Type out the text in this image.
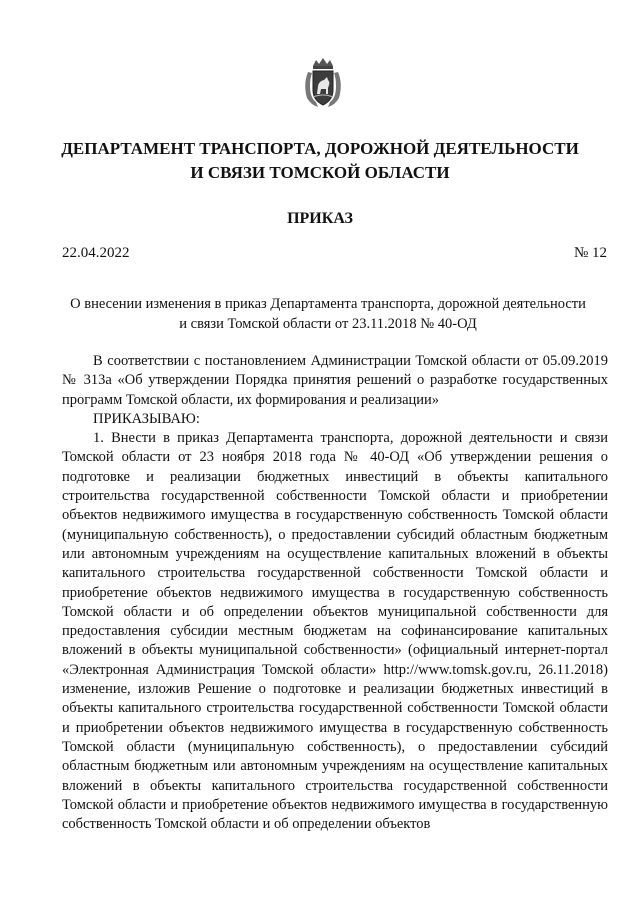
ДЕПАРТАМЕНТ ТРАНСПОРТА, ДОРОЖНОЙ ДЕЯТЕЛЬНОСТИ
И СВЯЗИ ТОМСКОЙ ОБЛАСТИ
ПРИКАЗ
22.04.2022	№ 12
О внесении изменения в приказ Департамента транспорта, дорожной деятельности
и связи Томской области от 23.11.2018 № 40-ОД

В соответствии с постановлением Администрации Томской области от 05.09.2019 № 313а «Об утверждении Порядка принятия решений о разработке государственных программ Томской области, их формирования и реализации»

ПРИКАЗЫВАЮ:

1. Внести в приказ Департамента транспорта, дорожной деятельности и связи Томской области от 23 ноября 2018 года № 40-ОД «Об утверждении решения о подготовке и реализации бюджетных инвестиций в объекты капитального строительства государственной собственности Томской области и приобретении объектов недвижимого имущества в государственную собственность Томской области (муниципальную собственность), о предоставлении субсидий областным бюджетным или автономным учреждениям на осуществление капитальных вложений в объекты капитального строительства государственной собственности Томской области и приобретение объектов недвижимого имущества в государственную собственность Томской области и об определении объектов муниципальной собственности для предоставления субсидии местным бюджетам на софинансирование капитальных вложений в объекты муниципальной собственности» (официальный интернет-портал «Электронная Администрация Томской области» http://www.tomsk.gov.ru, 26.11.2018) изменение, изложив Решение о подготовке и реализации бюджетных инвестиций в объекты капитального строительства государственной собственности Томской области и приобретении объектов недвижимого имущества в государственную собственность Томской области (муниципальную собственность), о предоставлении субсидий областным бюджетным или автономным учреждениям на осуществление капитальных вложений в объекты капитального строительства государственной собственности Томской области и приобретение объектов недвижимого имущества в государственную собственность Томской области и об определении объектов
